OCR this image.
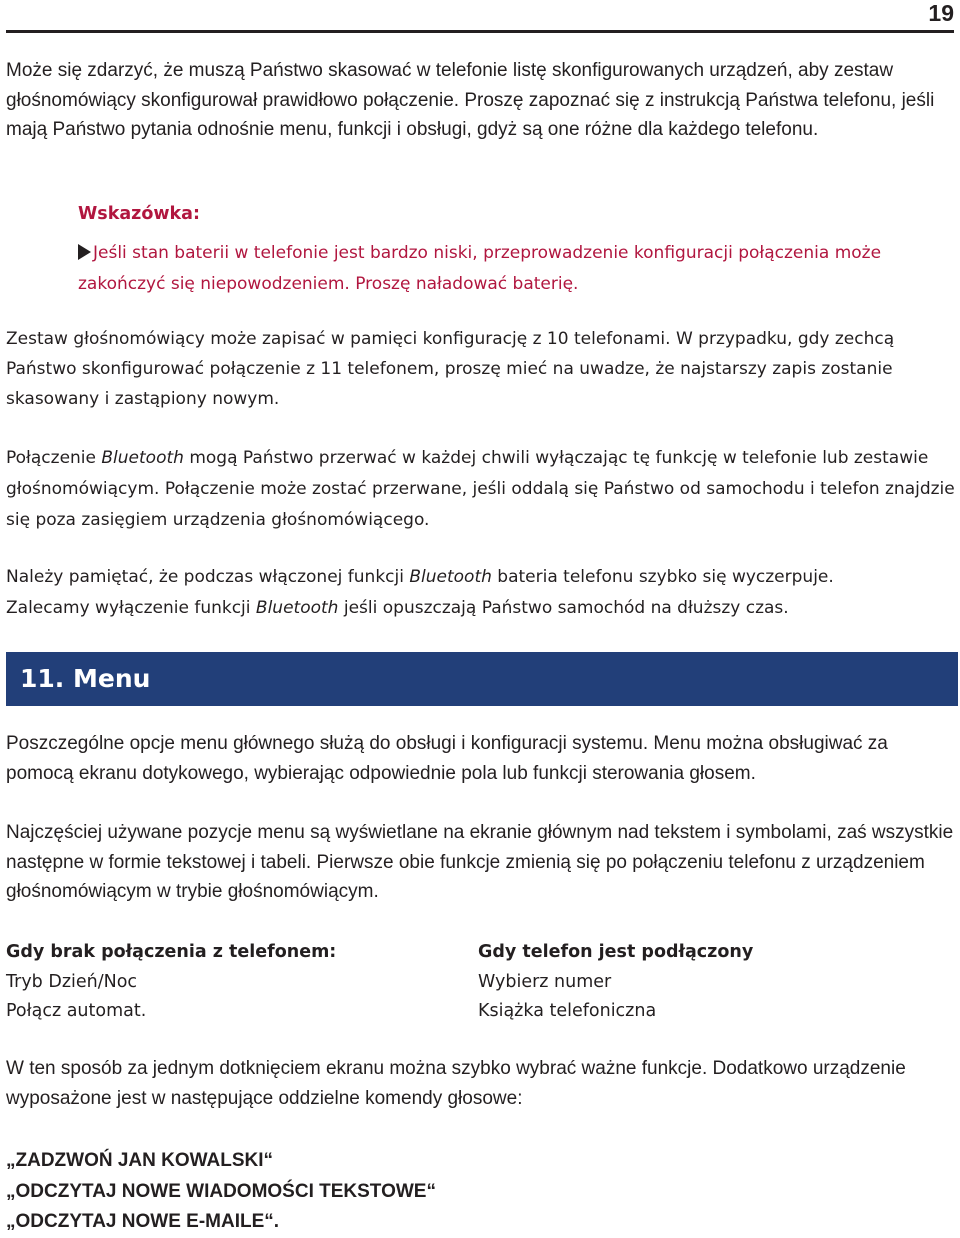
19

Może się zdarzyć, że muszą Państwo skasować w telefonie listę skonfigurowanych urządzeń, aby zestaw głośnomówiący skonfigurował prawidłowo połączenie. Proszę zapoznać się z instrukcją Państwa telefonu, jeśli mają Państwo pytania odnośnie menu, funkcji i obsługi, gdyż są one różne dla każdego telefonu.

Wskazówka:
Jeśli stan baterii w telefonie jest bardzo niski, przeprowadzenie konfiguracji połączenia może zakończyć się niepowodzeniem. Proszę naładować baterię.

Zestaw głośnomówiący może zapisać w pamięci konfigurację z 10 telefonami. W przypadku, gdy zechcą Państwo skonfigurować połączenie z 11 telefonem, proszę mieć na uwadze, że najstarszy zapis zostanie skasowany i zastąpiony nowym.

Połączenie Bluetooth mogą Państwo przerwać w każdej chwili wyłączając tę funkcję w telefonie lub zestawie głośnomówiącym. Połączenie może zostać przerwane, jeśli oddalą się Państwo od samochodu i telefon znajdzie się poza zasięgiem urządzenia głośnomówiącego.

Należy pamiętać, że podczas włączonej funkcji Bluetooth bateria telefonu szybko się wyczerpuje.
Zalecamy wyłączenie funkcji Bluetooth jeśli opuszczają Państwo samochód na dłuższy czas.

11. Menu

Poszczególne opcje menu głównego służą do obsługi i konfiguracji systemu. Menu można obsługiwać za pomocą ekranu dotykowego, wybierając odpowiednie pola lub funkcji sterowania głosem.

Najczęściej używane pozycje menu są wyświetlane na ekranie głównym nad tekstem i symbolami, zaś wszystkie następne w formie tekstowej i tabeli. Pierwsze obie funkcje zmienią się po połączeniu telefonu z urządzeniem głośnomówiącym w trybie głośnomówiącym.

Gdy brak połączenia z telefonem:
Tryb Dzień/Noc
Połącz automat.
Gdy telefon jest podłączony
Wybierz numer
Książka telefoniczna

W ten sposób za jednym dotknięciem ekranu można szybko wybrać ważne funkcje. Dodatkowo urządzenie wyposażone jest w następujące oddzielne komendy głosowe:

„ZADZWOŃ JAN KOWALSKI“
„ODCZYTAJ NOWE WIADOMOŚCI TEKSTOWE“
„ODCZYTAJ NOWE E-MAILE“.
